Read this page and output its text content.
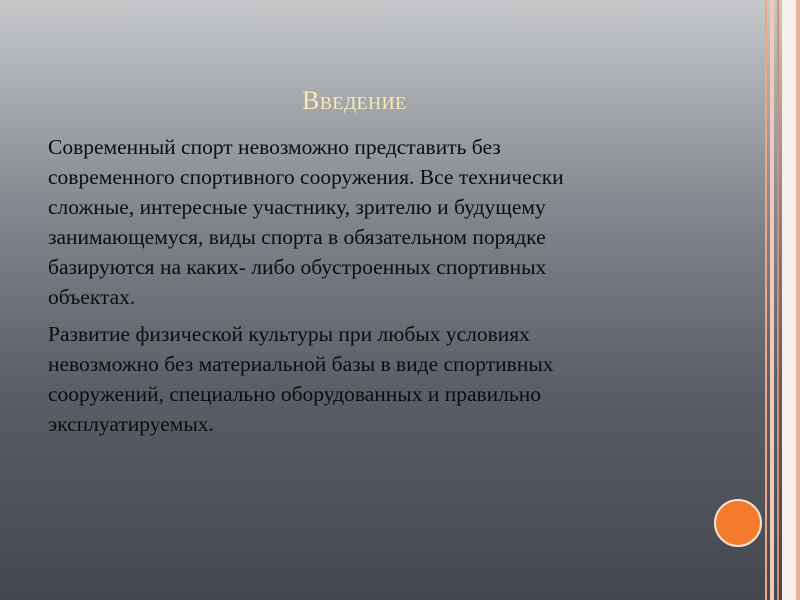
Введение

Современный спорт невозможно представить без
современного спортивного сооружения. Все технически
сложные, интересные участнику, зрителю и будущему
занимающемуся, виды спорта в обязательном порядке
базируются на каких- либо обустроенных спортивных
объектах.

Развитие физической культуры при любых условиях
невозможно без материальной базы в виде спортивных
сооружений, специально оборудованных и правильно
эксплуатируемых.
